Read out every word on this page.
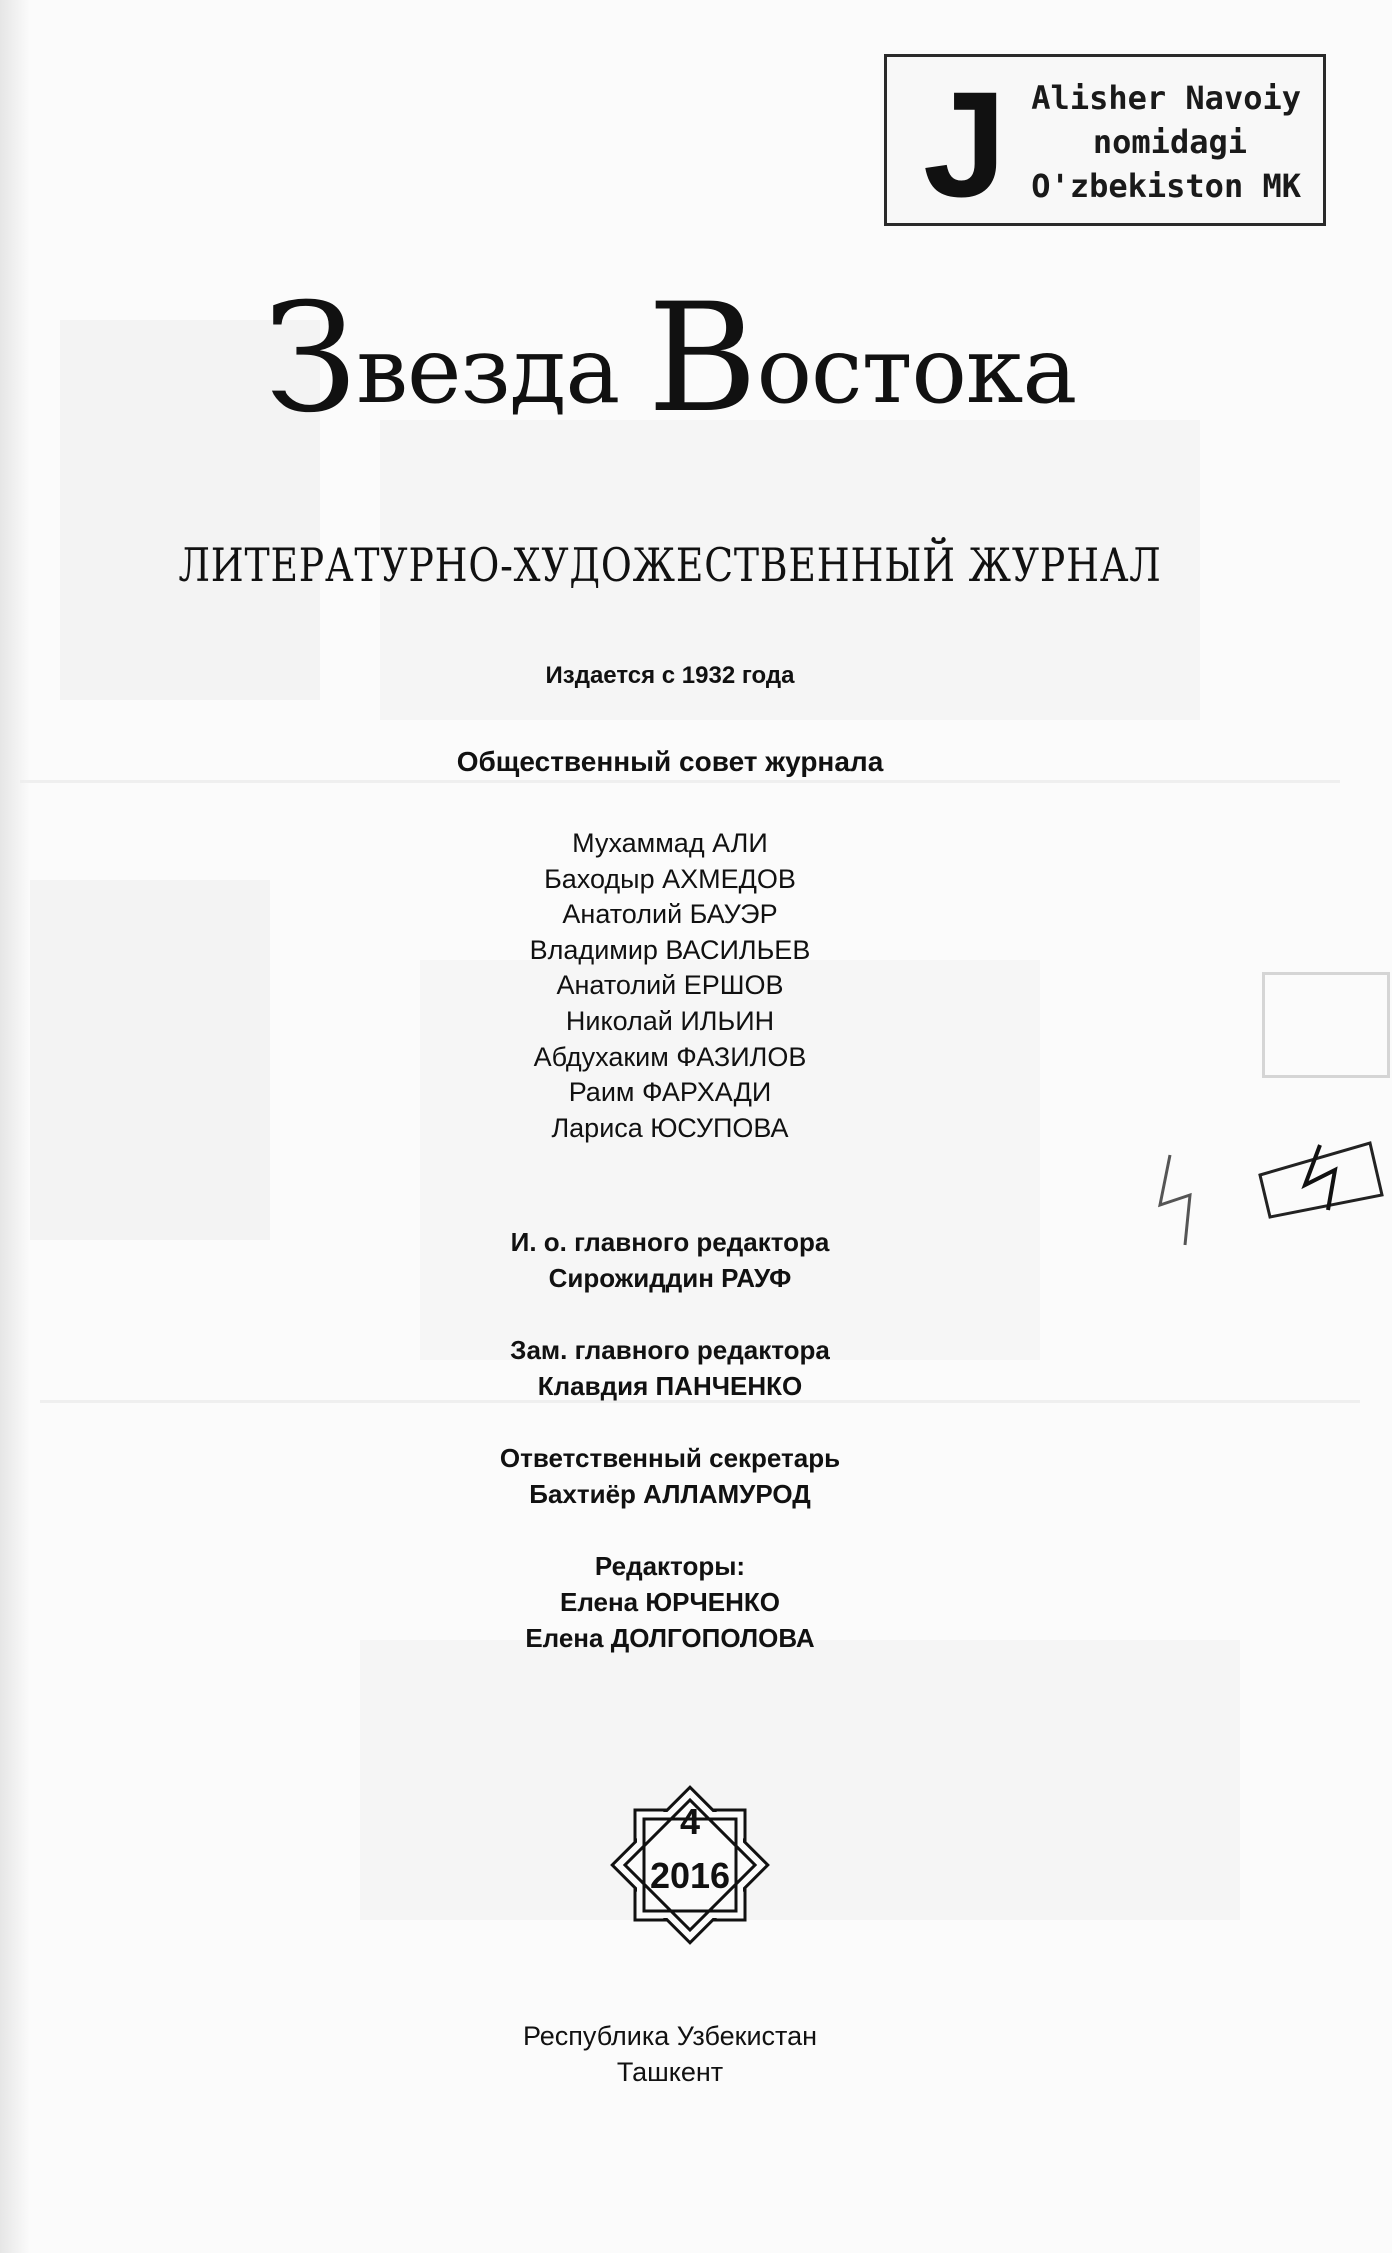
J Alisher Navoiy
nomidagi
O'zbekiston MK
Звезда Востока
ЛИТЕРАТУРНО-ХУДОЖЕСТВЕННЫЙ ЖУРНАЛ
Издается с 1932 года
Общественный совет журнала
Мухаммад АЛИ
Баходыр АХМЕДОВ
Анатолий БАУЭР
Владимир ВАСИЛЬЕВ
Анатолий ЕРШОВ
Николай ИЛЬИН
Абдухаким ФАЗИЛОВ
Раим ФАРХАДИ
Лариса ЮСУПОВА
И. о. главного редактора
Сирожиддин РАУФ
Зам. главного редактора
Клавдия ПАНЧЕНКО
Ответственный секретарь
Бахтиёр АЛЛАМУРОД
Редакторы:
Елена ЮРЧЕНКО
Елена ДОЛГОПОЛОВА
4
2016
Республика Узбекистан
Ташкент
